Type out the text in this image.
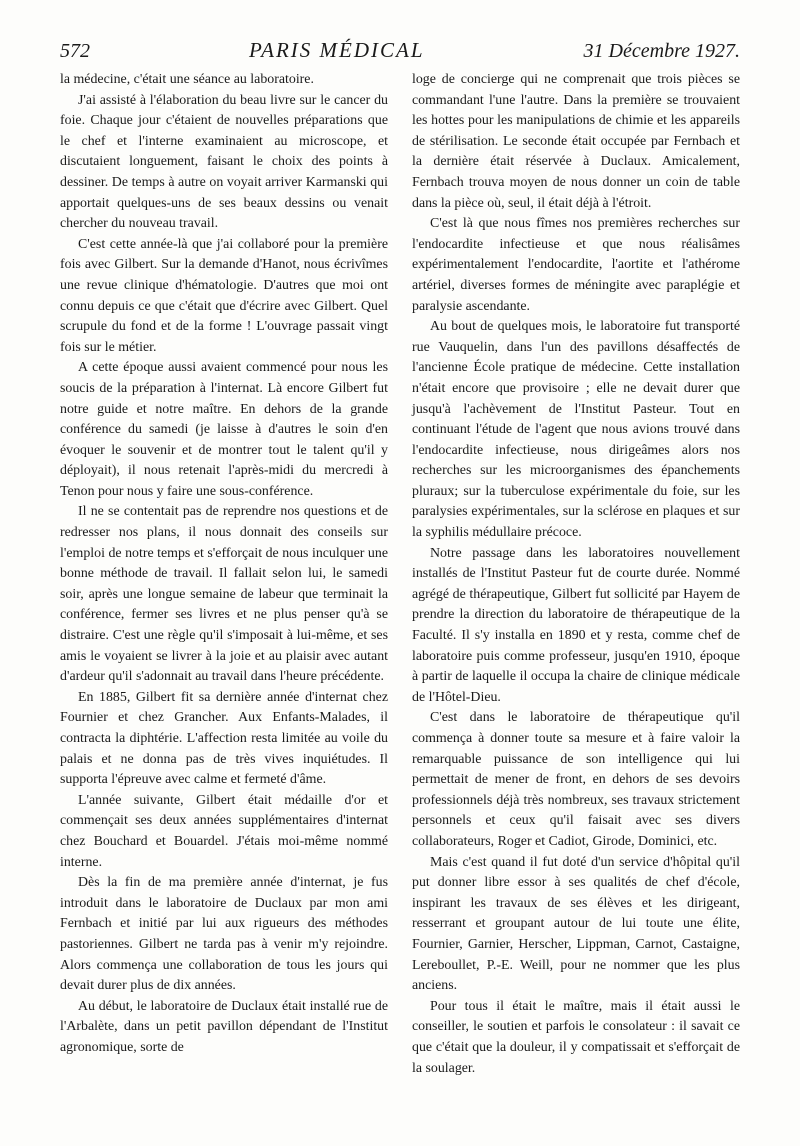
572	PARIS MÉDICAL	31 Décembre 1927.

la médecine, c'était une séance au laboratoire.

J'ai assisté à l'élaboration du beau livre sur le cancer du foie. Chaque jour c'étaient de nouvelles préparations que le chef et l'interne examinaient au microscope, et discutaient longuement, faisant le choix des points à dessiner. De temps à autre on voyait arriver Karmanski qui apportait quelques-uns de ses beaux dessins ou venait chercher du nouveau travail.

C'est cette année-là que j'ai collaboré pour la première fois avec Gilbert. Sur la demande d'Hanot, nous écrivîmes une revue clinique d'hématologie. D'autres que moi ont connu depuis ce que c'était que d'écrire avec Gilbert. Quel scrupule du fond et de la forme ! L'ouvrage passait vingt fois sur le métier.

A cette époque aussi avaient commencé pour nous les soucis de la préparation à l'internat. Là encore Gilbert fut notre guide et notre maître. En dehors de la grande conférence du samedi (je laisse à d'autres le soin d'en évoquer le souvenir et de montrer tout le talent qu'il y déployait), il nous retenait l'après-midi du mercredi à Tenon pour nous y faire une sous-conférence.

Il ne se contentait pas de reprendre nos questions et de redresser nos plans, il nous donnait des conseils sur l'emploi de notre temps et s'efforçait de nous inculquer une bonne méthode de travail. Il fallait selon lui, le samedi soir, après une longue semaine de labeur que terminait la conférence, fermer ses livres et ne plus penser qu'à se distraire. C'est une règle qu'il s'imposait à lui-même, et ses amis le voyaient se livrer à la joie et au plaisir avec autant d'ardeur qu'il s'adonnait au travail dans l'heure précédente.

En 1885, Gilbert fit sa dernière année d'internat chez Fournier et chez Grancher. Aux Enfants-Malades, il contracta la diphtérie. L'affection resta limitée au voile du palais et ne donna pas de très vives inquiétudes. Il supporta l'épreuve avec calme et fermeté d'âme.

L'année suivante, Gilbert était médaille d'or et commençait ses deux années supplémentaires d'internat chez Bouchard et Bouardel. J'étais moi-même nommé interne.

Dès la fin de ma première année d'internat, je fus introduit dans le laboratoire de Duclaux par mon ami Fernbach et initié par lui aux rigueurs des méthodes pastoriennes. Gilbert ne tarda pas à venir m'y rejoindre. Alors commença une collaboration de tous les jours qui devait durer plus de dix années.

Au début, le laboratoire de Duclaux était installé rue de l'Arbalète, dans un petit pavillon dépendant de l'Institut agronomique, sorte de

loge de concierge qui ne comprenait que trois pièces se commandant l'une l'autre. Dans la première se trouvaient les hottes pour les manipulations de chimie et les appareils de stérilisation. Le seconde était occupée par Fernbach et la dernière était réservée à Duclaux. Amicalement, Fernbach trouva moyen de nous donner un coin de table dans la pièce où, seul, il était déjà à l'étroit.

C'est là que nous fîmes nos premières recherches sur l'endocardite infectieuse et que nous réalisâmes expérimentalement l'endocardite, l'aortite et l'athérome artériel, diverses formes de méningite avec paraplégie et paralysie ascendante.

Au bout de quelques mois, le laboratoire fut transporté rue Vauquelin, dans l'un des pavillons désaffectés de l'ancienne École pratique de médecine. Cette installation n'était encore que provisoire ; elle ne devait durer que jusqu'à l'achèvement de l'Institut Pasteur. Tout en continuant l'étude de l'agent que nous avions trouvé dans l'endocardite infectieuse, nous dirigeâmes alors nos recherches sur les microorganismes des épanchements pluraux; sur la tuberculose expérimentale du foie, sur les paralysies expérimentales, sur la sclérose en plaques et sur la syphilis médullaire précoce.

Notre passage dans les laboratoires nouvellement installés de l'Institut Pasteur fut de courte durée. Nommé agrégé de thérapeutique, Gilbert fut sollicité par Hayem de prendre la direction du laboratoire de thérapeutique de la Faculté. Il s'y installa en 1890 et y resta, comme chef de laboratoire puis comme professeur, jusqu'en 1910, époque à partir de laquelle il occupa la chaire de clinique médicale de l'Hôtel-Dieu.

C'est dans le laboratoire de thérapeutique qu'il commença à donner toute sa mesure et à faire valoir la remarquable puissance de son intelligence qui lui permettait de mener de front, en dehors de ses devoirs professionnels déjà très nombreux, ses travaux strictement personnels et ceux qu'il faisait avec ses divers collaborateurs, Roger et Cadiot, Girode, Dominici, etc.

Mais c'est quand il fut doté d'un service d'hôpital qu'il put donner libre essor à ses qualités de chef d'école, inspirant les travaux de ses élèves et les dirigeant, resserrant et groupant autour de lui toute une élite, Fournier, Garnier, Herscher, Lippman, Carnot, Castaigne, Lereboullet, P.-E. Weill, pour ne nommer que les plus anciens.

Pour tous il était le maître, mais il était aussi le conseiller, le soutien et parfois le consolateur : il savait ce que c'était que la douleur, il y compatissait et s'efforçait de la soulager.
